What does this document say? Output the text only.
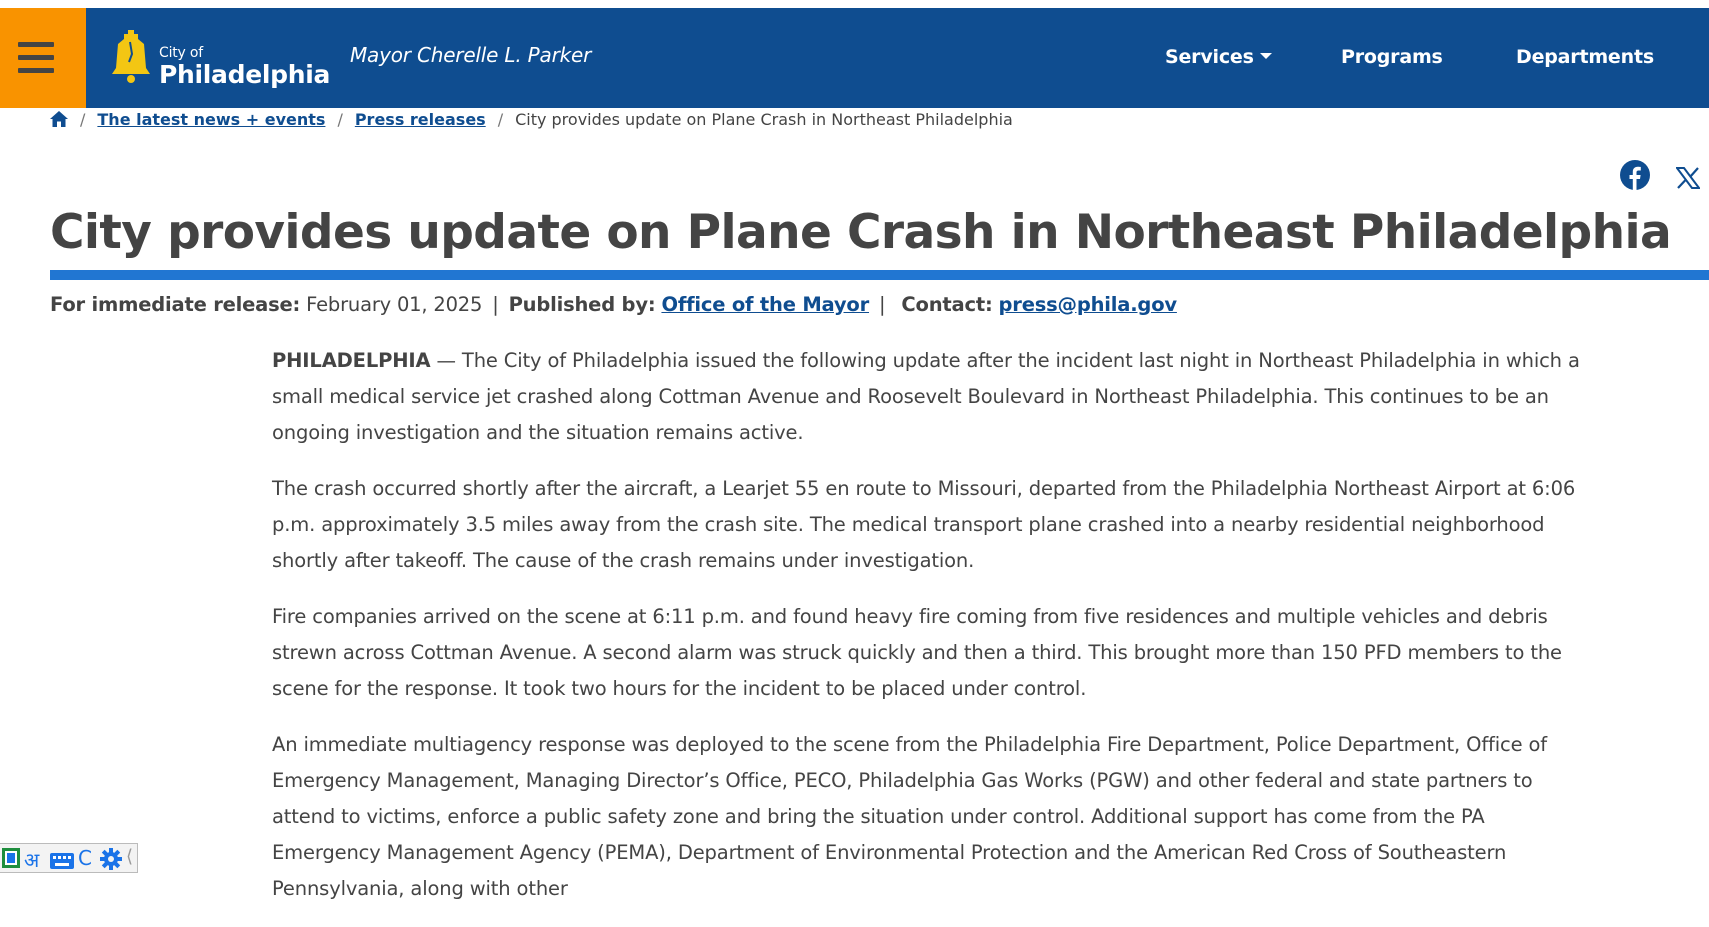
City of
Philadelphia
Mayor Cherelle L. Parker	Services	Programs	Departments
/ The latest news + events / Press releases / City provides update on Plane Crash in Northeast Philadelphia
City provides update on Plane Crash in Northeast Philadelphia
For immediate release: February 01, 2025 | Published by: Office of the Mayor | Contact: press@phila.gov

PHILADELPHIA — The City of Philadelphia issued the following update after the incident last night in Northeast Philadelphia in which a small medical service jet crashed along Cottman Avenue and Roosevelt Boulevard in Northeast Philadelphia. This continues to be an ongoing investigation and the situation remains active.

The crash occurred shortly after the aircraft, a Learjet 55 en route to Missouri, departed from the Philadelphia Northeast Airport at 6:06 p.m. approximately 3.5 miles away from the crash site. The medical transport plane crashed into a nearby residential neighborhood shortly after takeoff. The cause of the crash remains under investigation.

Fire companies arrived on the scene at 6:11 p.m. and found heavy fire coming from five residences and multiple vehicles and debris strewn across Cottman Avenue. A second alarm was struck quickly and then a third. This brought more than 150 PFD members to the scene for the response. It took two hours for the incident to be placed under control.

An immediate multiagency response was deployed to the scene from the Philadelphia Fire Department, Police Department, Office of Emergency Management, Managing Director’s Office, PECO, Philadelphia Gas Works (PGW) and other federal and state partners to attend to victims, enforce a public safety zone and bring the situation under control. Additional support has come from the PA Emergency Management Agency (PEMA), Department of Environmental Protection and the American Red Cross of Southeastern Pennsylvania, along with other

अ C ⟨
